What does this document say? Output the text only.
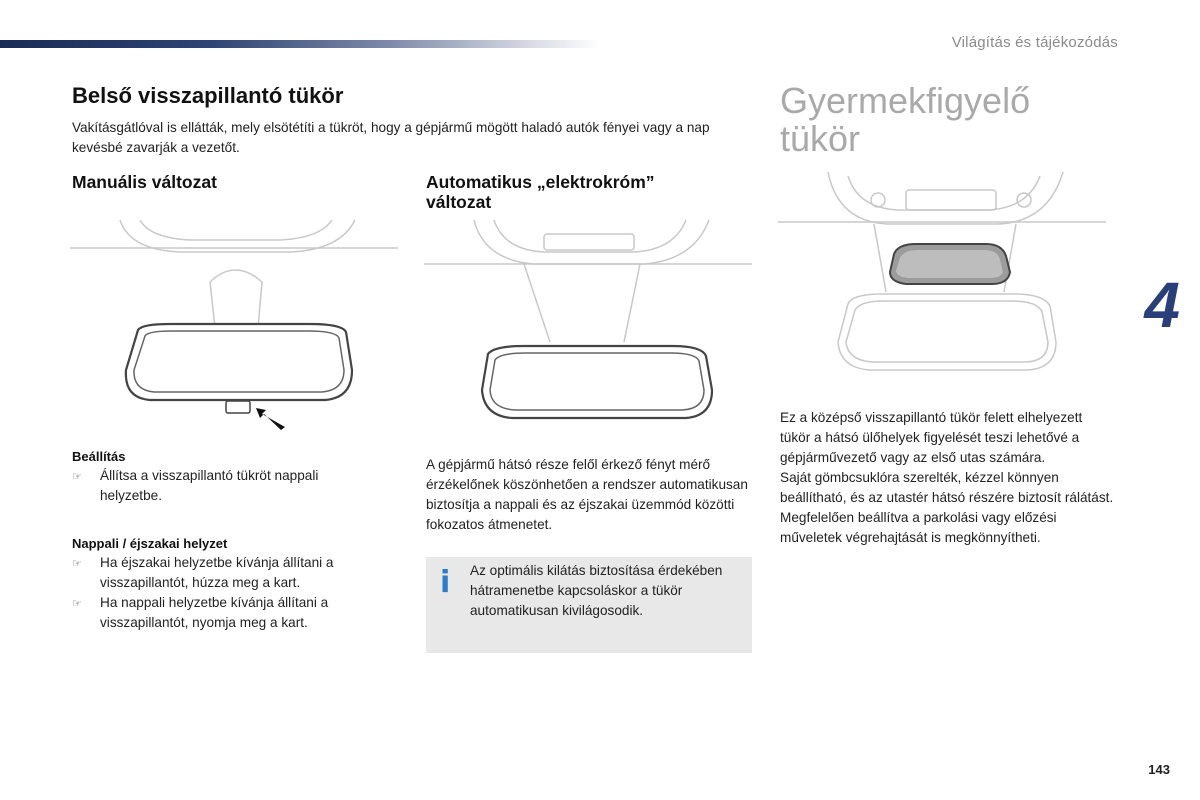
Világítás és tájékozódás
Belső visszapillantó tükör
Vakításgátlóval is ellátták, mely elsötétíti a tükröt, hogy a gépjármű mögött haladó autók fényei vagy a nap kevésbé zavarják a vezetőt.
Manuális változat
Beállítás
☞	Állítsa a visszapillantó tükröt nappali helyzetbe.
Nappali / éjszakai helyzet
☞	Ha éjszakai helyzetbe kívánja állítani a visszapillantót, húzza meg a kart.
☞	Ha nappali helyzetbe kívánja állítani a visszapillantót, nyomja meg a kart.
Automatikus „elektrokróm”
változat
A gépjármű hátsó része felől érkező fényt mérő érzékelőnek köszönhetően a rendszer automatikusan biztosítja a nappali és az éjszakai üzemmód közötti fokozatos átmenetet.
i Az optimális kilátás biztosítása érdekében hátramenetbe kapcsoláskor a tükör automatikusan kivilágosodik.
Gyermekfigyelő
tükör
Ez a középső visszapillantó tükör felett elhelyezett tükör a hátsó ülőhelyek figyelését teszi lehetővé a gépjárművezető vagy az első utas számára.
Saját gömbcsuklóra szerelték, kézzel könnyen beállítható, és az utastér hátsó részére biztosít rálátást.
Megfelelően beállítva a parkolási vagy előzési műveletek végrehajtását is megkönnyítheti.
4
143
